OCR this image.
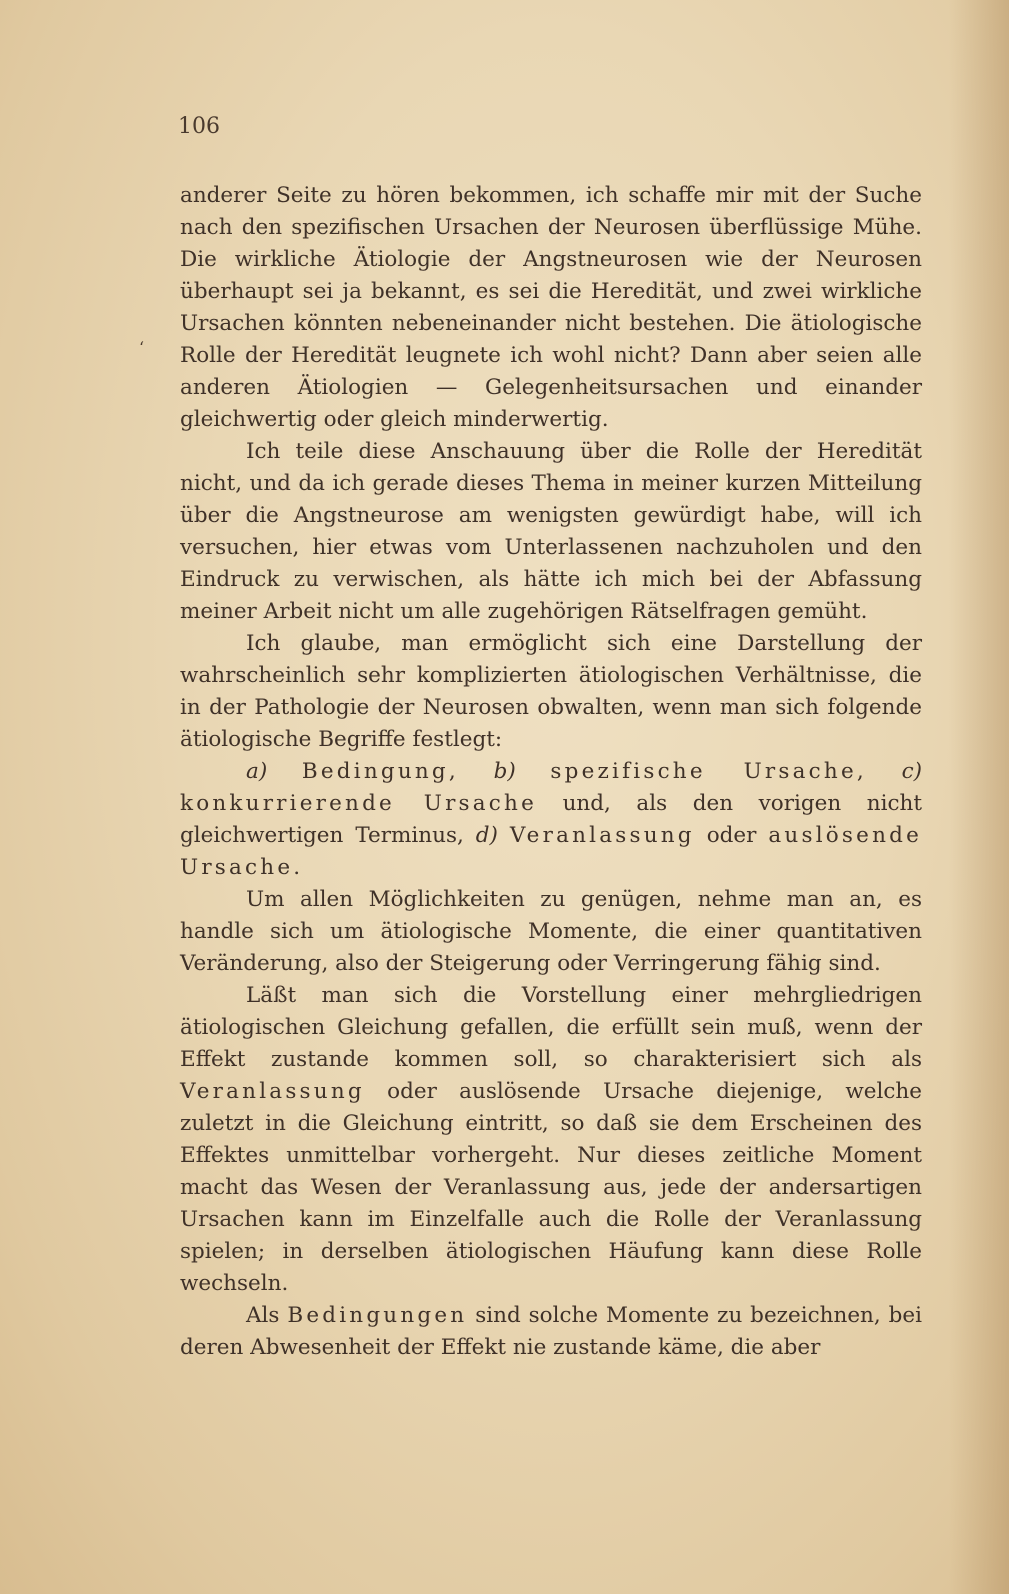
106
ʻ

anderer Seite zu hören bekommen, ich schaffe mir mit der Suche nach den spezifischen Ursachen der Neurosen überflüssige Mühe. Die wirkliche Ätiologie der Angstneurosen wie der Neurosen überhaupt sei ja bekannt, es sei die Heredität, und zwei wirkliche Ursachen könnten nebeneinander nicht bestehen. Die ätiologische Rolle der Heredität leugnete ich wohl nicht? Dann aber seien alle anderen Ätiologien — Gelegenheitsursachen und einander gleichwertig oder gleich minderwertig.

Ich teile diese Anschauung über die Rolle der Heredität nicht, und da ich gerade dieses Thema in meiner kurzen Mitteilung über die Angstneurose am wenigsten gewürdigt habe, will ich versuchen, hier etwas vom Unterlassenen nachzuholen und den Eindruck zu verwischen, als hätte ich mich bei der Abfassung meiner Arbeit nicht um alle zugehörigen Rätselfragen gemüht.

Ich glaube, man ermöglicht sich eine Darstellung der wahrscheinlich sehr komplizierten ätiologischen Verhältnisse, die in der Pathologie der Neurosen obwalten, wenn man sich folgende ätiologische Begriffe festlegt:

a) Bedingung, b) spezifische Ursache, c) konkurrierende Ursache und, als den vorigen nicht gleichwertigen Terminus, d) Veranlassung oder auslösende Ursache.

Um allen Möglichkeiten zu genügen, nehme man an, es handle sich um ätiologische Momente, die einer quantitativen Veränderung, also der Steigerung oder Verringerung fähig sind.

Läßt man sich die Vorstellung einer mehrgliedrigen ätiologischen Gleichung gefallen, die erfüllt sein muß, wenn der Effekt zustande kommen soll, so charakterisiert sich als Veranlassung oder auslösende Ursache diejenige, welche zuletzt in die Gleichung eintritt, so daß sie dem Erscheinen des Effektes unmittelbar vorhergeht. Nur dieses zeitliche Moment macht das Wesen der Veranlassung aus, jede der andersartigen Ursachen kann im Einzelfalle auch die Rolle der Veranlassung spielen; in derselben ätiologischen Häufung kann diese Rolle wechseln.

Als Bedingungen sind solche Momente zu bezeichnen, bei deren Abwesenheit der Effekt nie zustande käme, die aber
